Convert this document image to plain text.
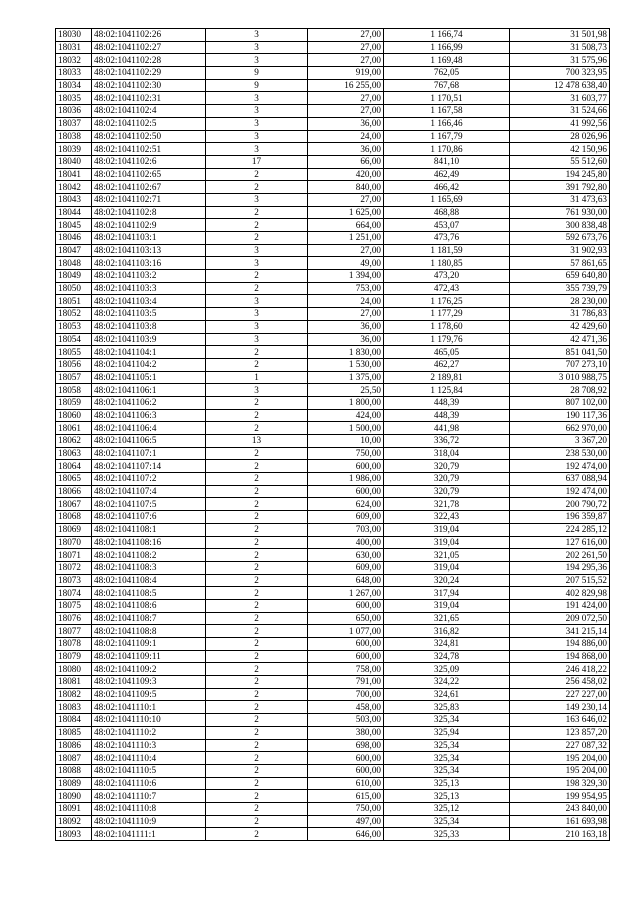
18030	48:02:1041102:26	3	27,00	1 166,74	31 501,98
18031	48:02:1041102:27	3	27,00	1 166,99	31 508,73
18032	48:02:1041102:28	3	27,00	1 169,48	31 575,96
18033	48:02:1041102:29	9	919,00	762,05	700 323,95
18034	48:02:1041102:30	9	16 255,00	767,68	12 478 638,40
18035	48:02:1041102:31	3	27,00	1 170,51	31 603,77
18036	48:02:1041102:4	3	27,00	1 167,58	31 524,66
18037	48:02:1041102:5	3	36,00	1 166,46	41 992,56
18038	48:02:1041102:50	3	24,00	1 167,79	28 026,96
18039	48:02:1041102:51	3	36,00	1 170,86	42 150,96
18040	48:02:1041102:6	17	66,00	841,10	55 512,60
18041	48:02:1041102:65	2	420,00	462,49	194 245,80
18042	48:02:1041102:67	2	840,00	466,42	391 792,80
18043	48:02:1041102:71	3	27,00	1 165,69	31 473,63
18044	48:02:1041102:8	2	1 625,00	468,88	761 930,00
18045	48:02:1041102:9	2	664,00	453,07	300 838,48
18046	48:02:1041103:1	2	1 251,00	473,76	592 673,76
18047	48:02:1041103:13	3	27,00	1 181,59	31 902,93
18048	48:02:1041103:16	3	49,00	1 180,85	57 861,65
18049	48:02:1041103:2	2	1 394,00	473,20	659 640,80
18050	48:02:1041103:3	2	753,00	472,43	355 739,79
18051	48:02:1041103:4	3	24,00	1 176,25	28 230,00
18052	48:02:1041103:5	3	27,00	1 177,29	31 786,83
18053	48:02:1041103:8	3	36,00	1 178,60	42 429,60
18054	48:02:1041103:9	3	36,00	1 179,76	42 471,36
18055	48:02:1041104:1	2	1 830,00	465,05	851 041,50
18056	48:02:1041104:2	2	1 530,00	462,27	707 273,10
18057	48:02:1041105:1	1	1 375,00	2 189,81	3 010 988,75
18058	48:02:1041106:1	3	25,50	1 125,84	28 708,92
18059	48:02:1041106:2	2	1 800,00	448,39	807 102,00
18060	48:02:1041106:3	2	424,00	448,39	190 117,36
18061	48:02:1041106:4	2	1 500,00	441,98	662 970,00
18062	48:02:1041106:5	13	10,00	336,72	3 367,20
18063	48:02:1041107:1	2	750,00	318,04	238 530,00
18064	48:02:1041107:14	2	600,00	320,79	192 474,00
18065	48:02:1041107:2	2	1 986,00	320,79	637 088,94
18066	48:02:1041107:4	2	600,00	320,79	192 474,00
18067	48:02:1041107:5	2	624,00	321,78	200 790,72
18068	48:02:1041107:6	2	609,00	322,43	196 359,87
18069	48:02:1041108:1	2	703,00	319,04	224 285,12
18070	48:02:1041108:16	2	400,00	319,04	127 616,00
18071	48:02:1041108:2	2	630,00	321,05	202 261,50
18072	48:02:1041108:3	2	609,00	319,04	194 295,36
18073	48:02:1041108:4	2	648,00	320,24	207 515,52
18074	48:02:1041108:5	2	1 267,00	317,94	402 829,98
18075	48:02:1041108:6	2	600,00	319,04	191 424,00
18076	48:02:1041108:7	2	650,00	321,65	209 072,50
18077	48:02:1041108:8	2	1 077,00	316,82	341 215,14
18078	48:02:1041109:1	2	600,00	324,81	194 886,00
18079	48:02:1041109:11	2	600,00	324,78	194 868,00
18080	48:02:1041109:2	2	758,00	325,09	246 418,22
18081	48:02:1041109:3	2	791,00	324,22	256 458,02
18082	48:02:1041109:5	2	700,00	324,61	227 227,00
18083	48:02:1041110:1	2	458,00	325,83	149 230,14
18084	48:02:1041110:10	2	503,00	325,34	163 646,02
18085	48:02:1041110:2	2	380,00	325,94	123 857,20
18086	48:02:1041110:3	2	698,00	325,34	227 087,32
18087	48:02:1041110:4	2	600,00	325,34	195 204,00
18088	48:02:1041110:5	2	600,00	325,34	195 204,00
18089	48:02:1041110:6	2	610,00	325,13	198 329,30
18090	48:02:1041110:7	2	615,00	325,13	199 954,95
18091	48:02:1041110:8	2	750,00	325,12	243 840,00
18092	48:02:1041110:9	2	497,00	325,34	161 693,98
18093	48:02:1041111:1	2	646,00	325,33	210 163,18
